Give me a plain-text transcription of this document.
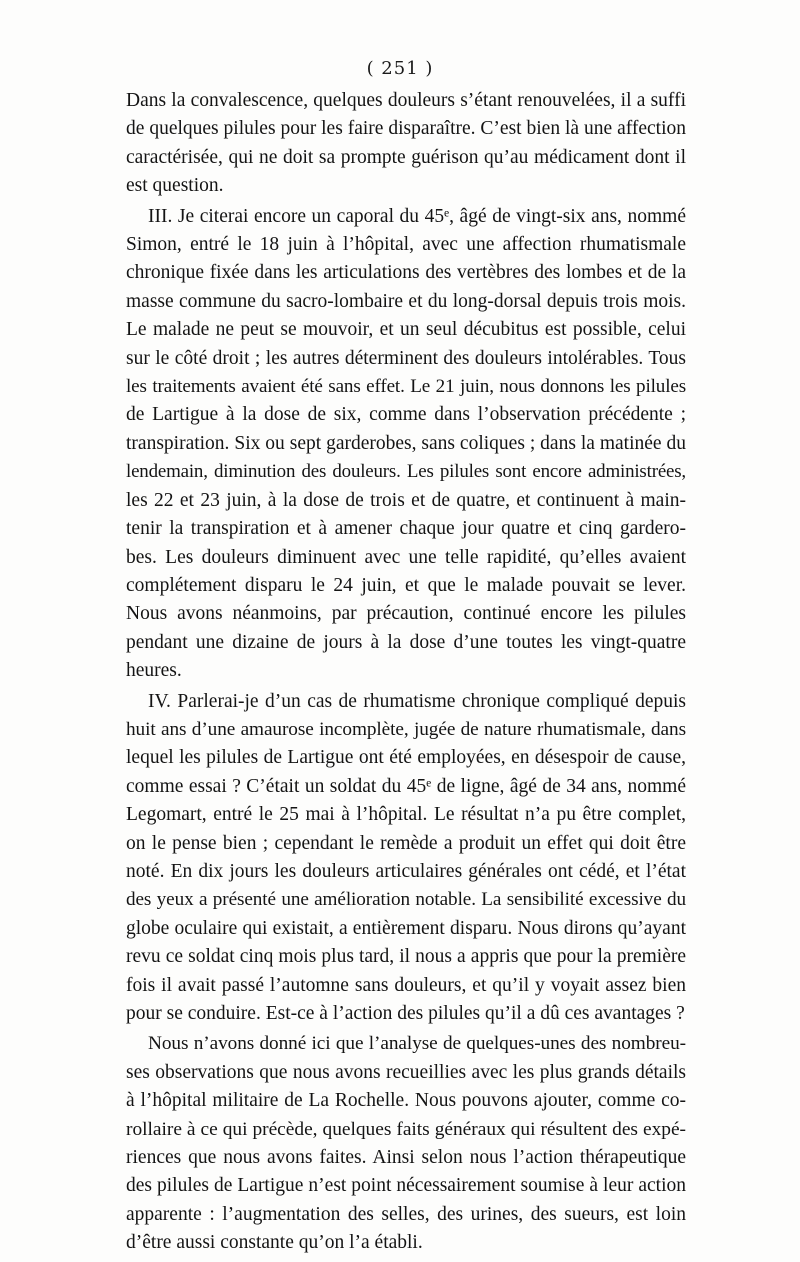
( 251 )
Dans la convalescence, quelques douleurs s’étant renouvelées, il a suffi
de quelques pilules pour les faire disparaître. C’est bien là une affection
caractérisée, qui ne doit sa prompte guérison qu’au médicament dont il
est question.
III. Je citerai encore un caporal du 45ᵉ, âgé de vingt-six ans, nommé
Simon, entré le 18 juin à l’hôpital, avec une affection rhumatismale
chronique fixée dans les articulations des vertèbres des lombes et de la
masse commune du sacro-lombaire et du long-dorsal depuis trois mois.
Le malade ne peut se mouvoir, et un seul décubitus est possible, celui
sur le côté droit ; les autres déterminent des douleurs intolérables. Tous
les traitements avaient été sans effet. Le 21 juin, nous donnons les pilules
de Lartigue à la dose de six, comme dans l’observation précédente ;
transpiration. Six ou sept garderobes, sans coliques ; dans la matinée du
lendemain, diminution des douleurs. Les pilules sont encore administrées,
les 22 et 23 juin, à la dose de trois et de quatre, et continuent à main-
tenir la transpiration et à amener chaque jour quatre et cinq gardero-
bes. Les douleurs diminuent avec une telle rapidité, qu’elles avaient
complétement disparu le 24 juin, et que le malade pouvait se lever.
Nous avons néanmoins, par précaution, continué encore les pilules
pendant une dizaine de jours à la dose d’une toutes les vingt-quatre
heures.
IV. Parlerai-je d’un cas de rhumatisme chronique compliqué depuis
huit ans d’une amaurose incomplète, jugée de nature rhumatismale, dans
lequel les pilules de Lartigue ont été employées, en désespoir de cause,
comme essai ? C’était un soldat du 45ᵉ de ligne, âgé de 34 ans, nommé
Legomart, entré le 25 mai à l’hôpital. Le résultat n’a pu être complet,
on le pense bien ; cependant le remède a produit un effet qui doit être
noté. En dix jours les douleurs articulaires générales ont cédé, et l’état
des yeux a présenté une amélioration notable. La sensibilité excessive du
globe oculaire qui existait, a entièrement disparu. Nous dirons qu’ayant
revu ce soldat cinq mois plus tard, il nous a appris que pour la première
fois il avait passé l’automne sans douleurs, et qu’il y voyait assez bien
pour se conduire. Est-ce à l’action des pilules qu’il a dû ces avantages ?
Nous n’avons donné ici que l’analyse de quelques-unes des nombreu-
ses observations que nous avons recueillies avec les plus grands détails
à l’hôpital militaire de La Rochelle. Nous pouvons ajouter, comme co-
rollaire à ce qui précède, quelques faits généraux qui résultent des expé-
riences que nous avons faites. Ainsi selon nous l’action thérapeutique
des pilules de Lartigue n’est point nécessairement soumise à leur action
apparente : l’augmentation des selles, des urines, des sueurs, est loin
d’être aussi constante qu’on l’a établi.
